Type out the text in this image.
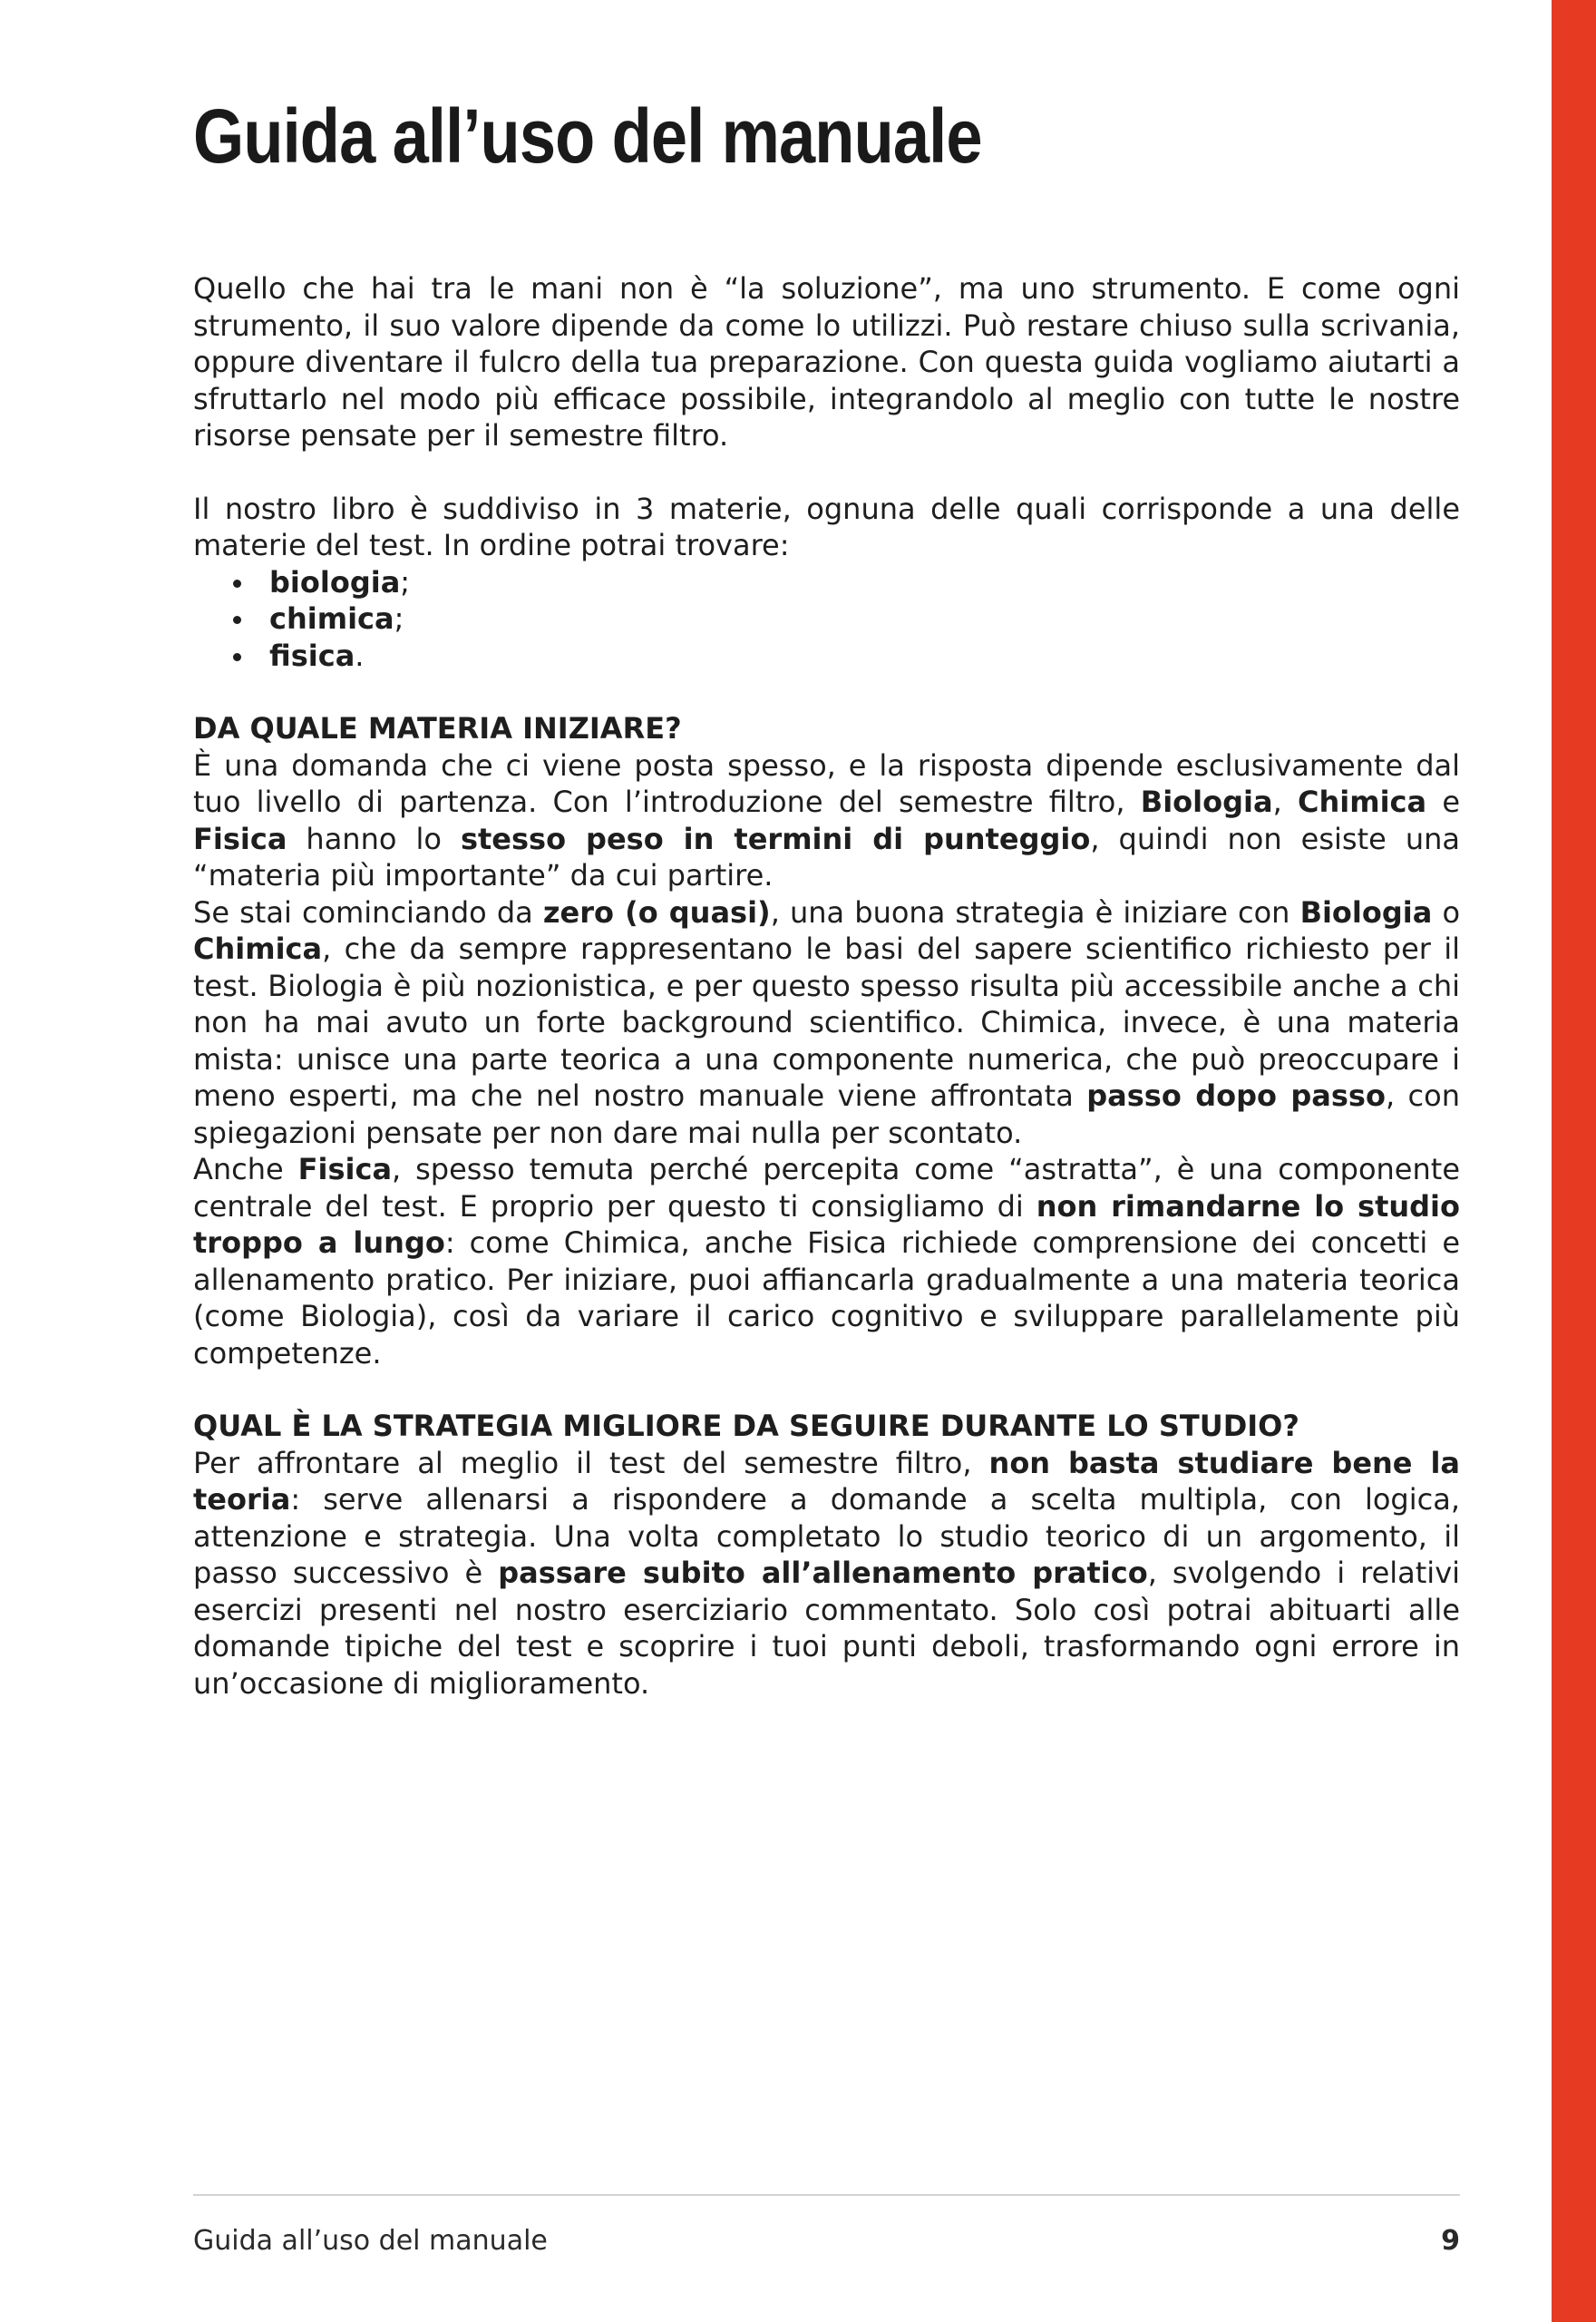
Guida all’uso del manuale

Quello che hai tra le mani non è “la soluzione”, ma uno strumento. E come ogni strumento, il suo valore dipende da come lo utilizzi. Può restare chiuso sulla scrivania, oppure diventare il fulcro della tua preparazione. Con questa guida vogliamo aiutarti a sfruttarlo nel modo più efficace possibile, integrandolo al meglio con tutte le nostre risorse pensate per il semestre filtro.

Il nostro libro è suddiviso in 3 materie, ognuna delle quali corrisponde a una delle materie del test. In ordine potrai trovare:

biologia;
chimica;
fisica.

DA QUALE MATERIA INIZIARE?

È una domanda che ci viene posta spesso, e la risposta dipende esclusivamente dal tuo livello di partenza. Con l’introduzione del semestre filtro, Biologia, Chimica e Fisica hanno lo stesso peso in termini di punteggio, quindi non esiste una “materia più importante” da cui partire.

Se stai cominciando da zero (o quasi), una buona strategia è iniziare con Biologia o Chimica, che da sempre rappresentano le basi del sapere scientifico richiesto per il test. Biologia è più nozionistica, e per questo spesso risulta più accessibile anche a chi non ha mai avuto un forte background scientifico. Chimica, invece, è una materia mista: unisce una parte teorica a una componente numerica, che può preoccupare i meno esperti, ma che nel nostro manuale viene affrontata passo dopo passo, con spiegazioni pensate per non dare mai nulla per scontato.

Anche Fisica, spesso temuta perché percepita come “astratta”, è una componente centrale del test. E proprio per questo ti consigliamo di non rimandarne lo studio troppo a lungo: come Chimica, anche Fisica richiede comprensione dei concetti e allenamento pratico. Per iniziare, puoi affiancarla gradualmente a una materia teorica (come Biologia), così da variare il carico cognitivo e sviluppare parallelamente più competenze.

QUAL È LA STRATEGIA MIGLIORE DA SEGUIRE DURANTE LO STUDIO?

Per affrontare al meglio il test del semestre filtro, non basta studiare bene la teoria: serve allenarsi a rispondere a domande a scelta multipla, con logica, attenzione e strategia. Una volta completato lo studio teorico di un argomento, il passo successivo è passare subito all’allenamento pratico, svolgendo i relativi esercizi presenti nel nostro eserciziario commentato. Solo così potrai abituarti alle domande tipiche del test e scoprire i tuoi punti deboli, trasformando ogni errore in un’occasione di miglioramento.

Guida all’uso del manuale	9
